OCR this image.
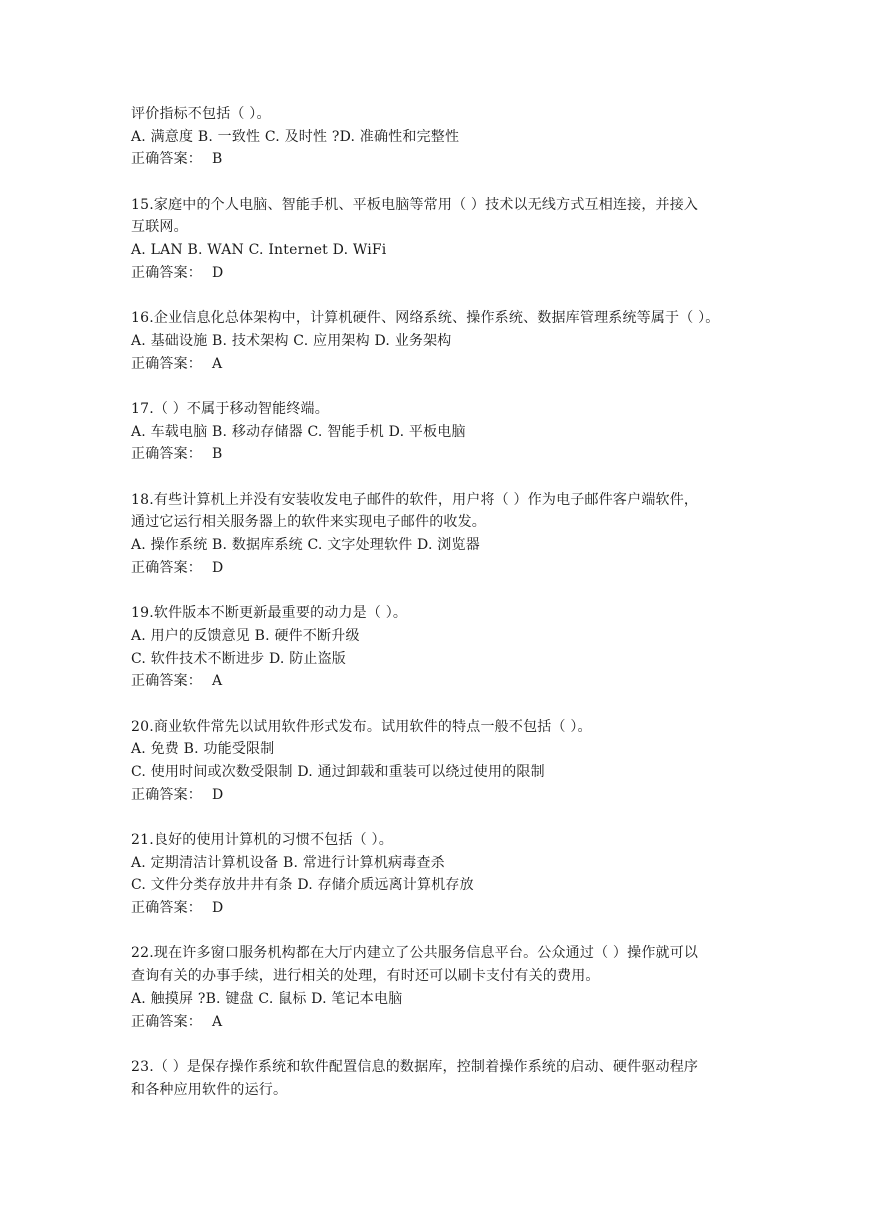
评价指标不包括（ ）。
A. 满意度 B. 一致性 C. 及时性 ?D. 准确性和完整性
正确答案： B
15.家庭中的个人电脑、智能手机、平板电脑等常用（ ）技术以无线方式互相连接，并接入
互联网。
A. LAN B. WAN C. Internet D. WiFi
正确答案： D
16.企业信息化总体架构中，计算机硬件、网络系统、操作系统、数据库管理系统等属于（ ）。
A. 基础设施 B. 技术架构 C. 应用架构 D. 业务架构
正确答案： A
17.（ ）不属于移动智能终端。
A. 车载电脑 B. 移动存储器 C. 智能手机 D. 平板电脑
正确答案： B
18.有些计算机上并没有安装收发电子邮件的软件，用户将（ ）作为电子邮件客户端软件，
通过它运行相关服务器上的软件来实现电子邮件的收发。
A. 操作系统 B. 数据库系统 C. 文字处理软件 D. 浏览器
正确答案： D
19.软件版本不断更新最重要的动力是（ ）。
A. 用户的反馈意见 B. 硬件不断升级
C. 软件技术不断进步 D. 防止盗版
正确答案： A
20.商业软件常先以试用软件形式发布。试用软件的特点一般不包括（ ）。
A. 免费 B. 功能受限制
C. 使用时间或次数受限制 D. 通过卸载和重装可以绕过使用的限制
正确答案： D
21.良好的使用计算机的习惯不包括（ ）。
A. 定期清洁计算机设备 B. 常进行计算机病毒查杀
C. 文件分类存放井井有条 D. 存储介质远离计算机存放
正确答案： D
22.现在许多窗口服务机构都在大厅内建立了公共服务信息平台。公众通过（ ）操作就可以
查询有关的办事手续，进行相关的处理，有时还可以刷卡支付有关的费用。
A. 触摸屏 ?B. 键盘 C. 鼠标 D. 笔记本电脑
正确答案： A
23.（ ）是保存操作系统和软件配置信息的数据库，控制着操作系统的启动、硬件驱动程序
和各种应用软件的运行。
